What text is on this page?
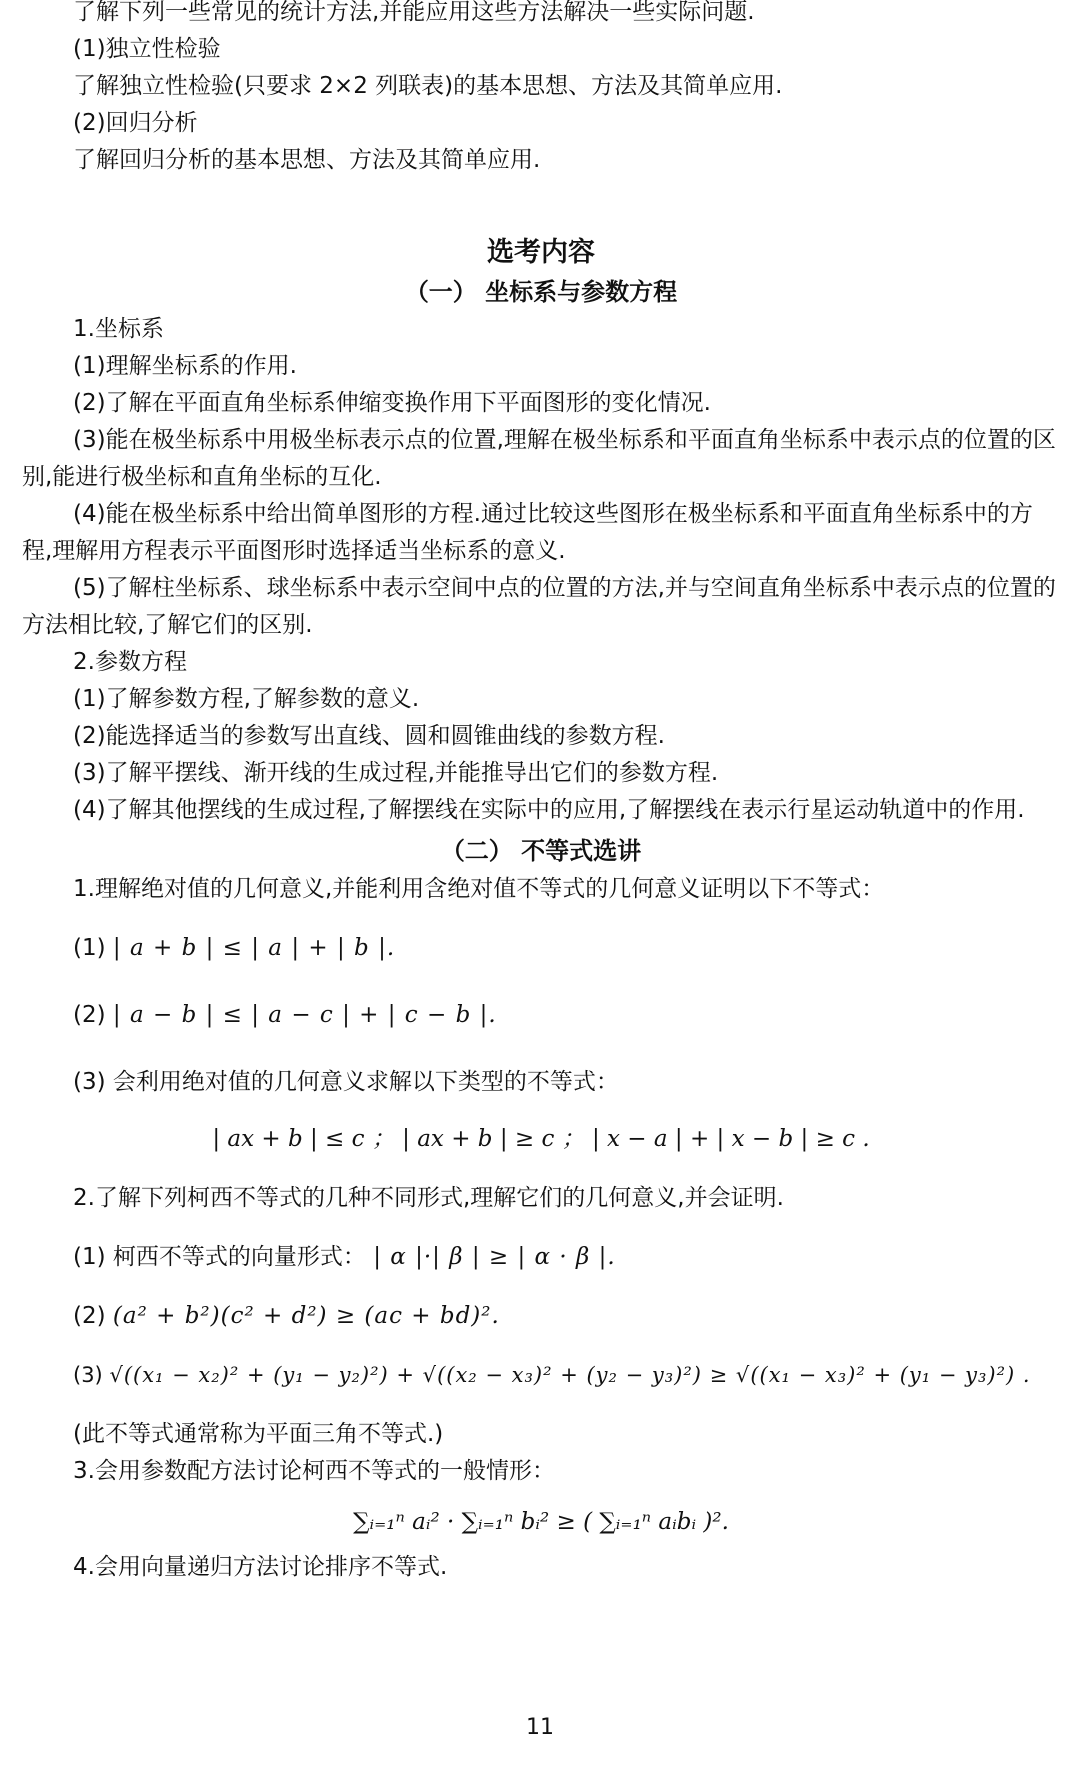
了解下列一些常见的统计方法,并能应用这些方法解决一些实际问题.

(1)独立性检验

了解独立性检验(只要求 2×2 列联表)的基本思想、方法及其简单应用.

(2)回归分析

了解回归分析的基本思想、方法及其简单应用.

选考内容

（一） 坐标系与参数方程

1.坐标系

(1)理解坐标系的作用.

(2)了解在平面直角坐标系伸缩变换作用下平面图形的变化情况.

(3)能在极坐标系中用极坐标表示点的位置,理解在极坐标系和平面直角坐标系中表示点的位置的区别,能进行极坐标和直角坐标的互化.

(4)能在极坐标系中给出简单图形的方程.通过比较这些图形在极坐标系和平面直角坐标系中的方程,理解用方程表示平面图形时选择适当坐标系的意义.

(5)了解柱坐标系、球坐标系中表示空间中点的位置的方法,并与空间直角坐标系中表示点的位置的方法相比较,了解它们的区别.

2.参数方程

(1)了解参数方程,了解参数的意义.

(2)能选择适当的参数写出直线、圆和圆锥曲线的参数方程.

(3)了解平摆线、渐开线的生成过程,并能推导出它们的参数方程.

(4)了解其他摆线的生成过程,了解摆线在实际中的应用,了解摆线在表示行星运动轨道中的作用.

（二） 不等式选讲

1.理解绝对值的几何意义,并能利用含绝对值不等式的几何意义证明以下不等式：

(1) | a + b | ≤ | a | + | b |.

(2) | a − b | ≤ | a − c | + | c − b |.

(3) 会利用绝对值的几何意义求解以下类型的不等式：

| ax + b | ≤ c ； | ax + b | ≥ c ； | x − a | + | x − b | ≥ c .

2.了解下列柯西不等式的几种不同形式,理解它们的几何意义,并会证明.

(1) 柯西不等式的向量形式： | α |·| β | ≥ | α · β |.

(2) (a² + b²)(c² + d²) ≥ (ac + bd)².

(3) √((x₁ − x₂)² + (y₁ − y₂)²) + √((x₂ − x₃)² + (y₂ − y₃)²) ≥ √((x₁ − x₃)² + (y₁ − y₃)²) .

(此不等式通常称为平面三角不等式.)

3.会用参数配方法讨论柯西不等式的一般情形：

∑ᵢ₌₁ⁿ aᵢ² · ∑ᵢ₌₁ⁿ bᵢ² ≥ ( ∑ᵢ₌₁ⁿ aᵢbᵢ )².

4.会用向量递归方法讨论排序不等式.

11
